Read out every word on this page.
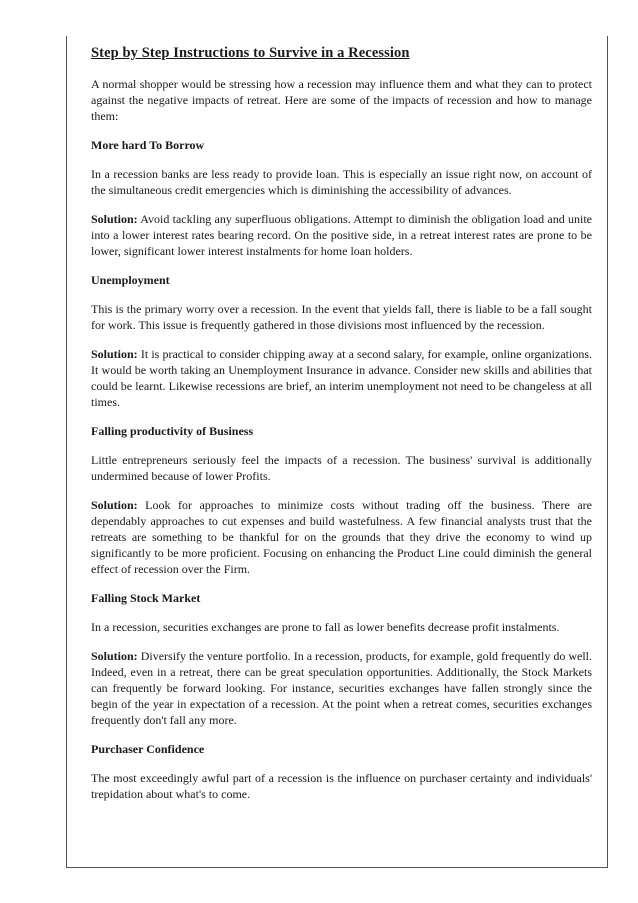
Step by Step Instructions to Survive in a Recession

A normal shopper would be stressing how a recession may influence them and what they can to protect against the negative impacts of retreat. Here are some of the impacts of recession and how to manage them:

More hard To Borrow

In a recession banks are less ready to provide loan. This is especially an issue right now, on account of the simultaneous credit emergencies which is diminishing the accessibility of advances.

Solution: Avoid tackling any superfluous obligations. Attempt to diminish the obligation load and unite into a lower interest rates bearing record. On the positive side, in a retreat interest rates are prone to be lower, significant lower interest instalments for home loan holders.

Unemployment

This is the primary worry over a recession. In the event that yields fall, there is liable to be a fall sought for work. This issue is frequently gathered in those divisions most influenced by the recession.

Solution: It is practical to consider chipping away at a second salary, for example, online organizations. It would be worth taking an Unemployment Insurance in advance. Consider new skills and abilities that could be learnt. Likewise recessions are brief, an interim unemployment not need to be changeless at all times.

Falling productivity of Business

Little entrepreneurs seriously feel the impacts of a recession. The business' survival is additionally undermined because of lower Profits.

Solution: Look for approaches to minimize costs without trading off the business. There are dependably approaches to cut expenses and build wastefulness. A few financial analysts trust that the retreats are something to be thankful for on the grounds that they drive the economy to wind up significantly to be more proficient. Focusing on enhancing the Product Line could diminish the general effect of recession over the Firm.

Falling Stock Market

In a recession, securities exchanges are prone to fall as lower benefits decrease profit instalments.

Solution: Diversify the venture portfolio. In a recession, products, for example, gold frequently do well. Indeed, even in a retreat, there can be great speculation opportunities. Additionally, the Stock Markets can frequently be forward looking. For instance, securities exchanges have fallen strongly since the begin of the year in expectation of a recession. At the point when a retreat comes, securities exchanges frequently don't fall any more.

Purchaser Confidence

The most exceedingly awful part of a recession is the influence on purchaser certainty and individuals' trepidation about what's to come.
